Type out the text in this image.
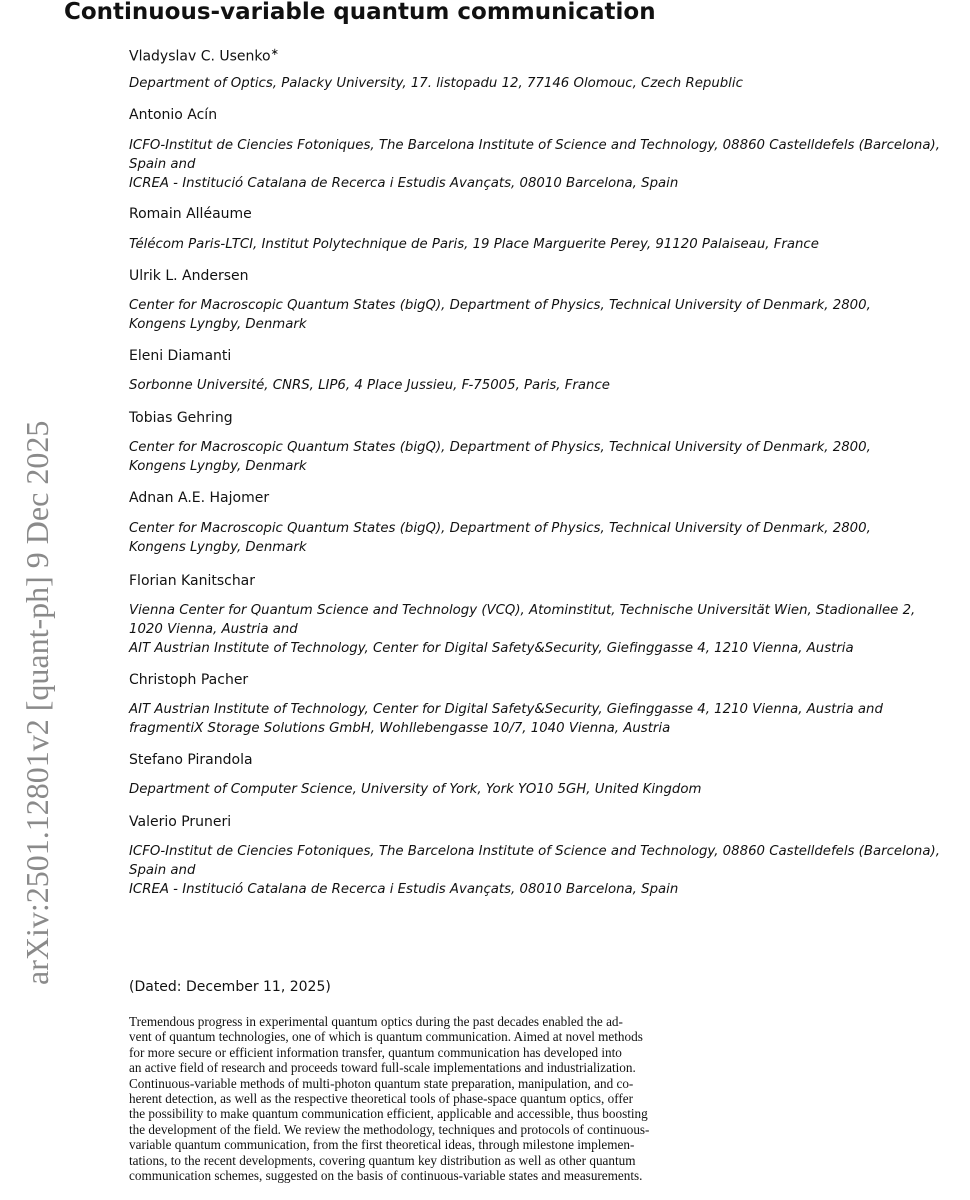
Continuous-variable quantum communication
arXiv:2501.12801v2 [quant-ph] 9 Dec 2025
Vladyslav C. Usenko∗
Department of Optics, Palacky University, 17. listopadu 12, 77146 Olomouc, Czech Republic
Antonio Acín
ICFO-Institut de Ciencies Fotoniques, The Barcelona Institute of Science and Technology, 08860 Castelldefels (Barcelona),
Spain and
ICREA - Institució Catalana de Recerca i Estudis Avançats, 08010 Barcelona, Spain
Romain Alléaume
Télécom Paris-LTCI, Institut Polytechnique de Paris, 19 Place Marguerite Perey, 91120 Palaiseau, France
Ulrik L. Andersen
Center for Macroscopic Quantum States (bigQ), Department of Physics, Technical University of Denmark, 2800,
Kongens Lyngby, Denmark
Eleni Diamanti
Sorbonne Université, CNRS, LIP6, 4 Place Jussieu, F-75005, Paris, France
Tobias Gehring
Center for Macroscopic Quantum States (bigQ), Department of Physics, Technical University of Denmark, 2800,
Kongens Lyngby, Denmark
Adnan A.E. Hajomer
Center for Macroscopic Quantum States (bigQ), Department of Physics, Technical University of Denmark, 2800,
Kongens Lyngby, Denmark
Florian Kanitschar
Vienna Center for Quantum Science and Technology (VCQ), Atominstitut, Technische Universität Wien, Stadionallee 2,
1020 Vienna, Austria and
AIT Austrian Institute of Technology, Center for Digital Safety&Security, Giefinggasse 4, 1210 Vienna, Austria
Christoph Pacher
AIT Austrian Institute of Technology, Center for Digital Safety&Security, Giefinggasse 4, 1210 Vienna, Austria and
fragmentiX Storage Solutions GmbH, Wohllebengasse 10/7, 1040 Vienna, Austria
Stefano Pirandola
Department of Computer Science, University of York, York YO10 5GH, United Kingdom
Valerio Pruneri
ICFO-Institut de Ciencies Fotoniques, The Barcelona Institute of Science and Technology, 08860 Castelldefels (Barcelona),
Spain and
ICREA - Institució Catalana de Recerca i Estudis Avançats, 08010 Barcelona, Spain
(Dated: December 11, 2025)
Tremendous progress in experimental quantum optics during the past decades enabled the ad-
vent of quantum technologies, one of which is quantum communication. Aimed at novel methods
for more secure or efficient information transfer, quantum communication has developed into
an active field of research and proceeds toward full-scale implementations and industrialization.
Continuous-variable methods of multi-photon quantum state preparation, manipulation, and co-
herent detection, as well as the respective theoretical tools of phase-space quantum optics, offer
the possibility to make quantum communication efficient, applicable and accessible, thus boosting
the development of the field. We review the methodology, techniques and protocols of continuous-
variable quantum communication, from the first theoretical ideas, through milestone implemen-
tations, to the recent developments, covering quantum key distribution as well as other quantum
communication schemes, suggested on the basis of continuous-variable states and measurements.
